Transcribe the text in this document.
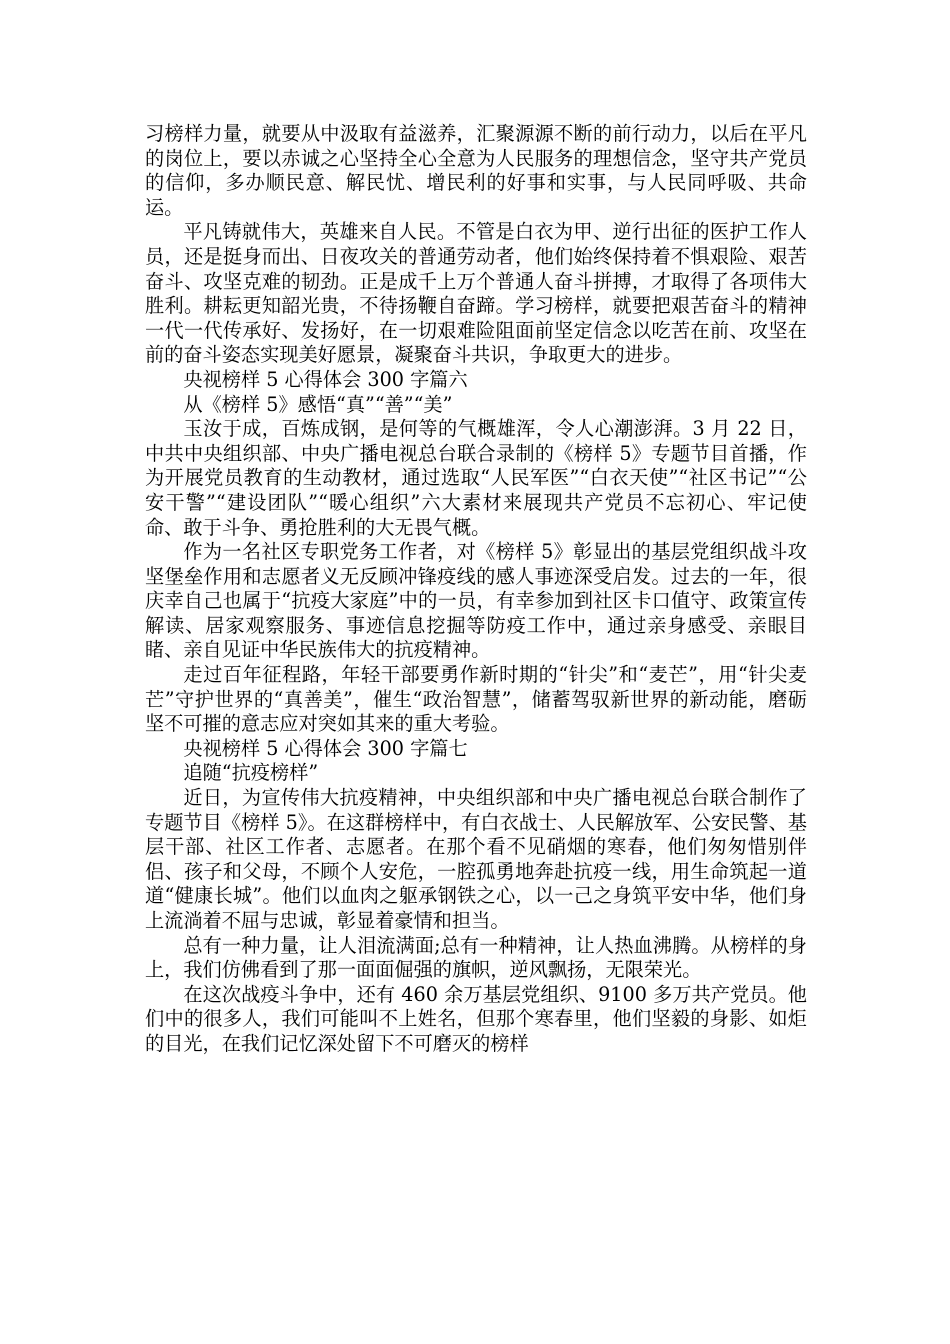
习榜样力量，就要从中汲取有益滋养，汇聚源源不断的前行动力，以后在平凡的岗位上，要以赤诚之心坚持全心全意为人民服务的理想信念，坚守共产党员的信仰，多办顺民意、解民忧、增民利的好事和实事，与人民同呼吸、共命运。

平凡铸就伟大，英雄来自人民。不管是白衣为甲、逆行出征的医护工作人员，还是挺身而出、日夜攻关的普通劳动者，他们始终保持着不惧艰险、艰苦奋斗、攻坚克难的韧劲。正是成千上万个普通人奋斗拼搏，才取得了各项伟大胜利。耕耘更知韶光贵，不待扬鞭自奋蹄。学习榜样，就要把艰苦奋斗的精神一代一代传承好、发扬好，在一切艰难险阻面前坚定信念以吃苦在前、攻坚在前的奋斗姿态实现美好愿景，凝聚奋斗共识，争取更大的进步。

央视榜样 5 心得体会 300 字篇六

从《榜样 5》感悟“真”“善”“美”

玉汝于成，百炼成钢，是何等的气概雄浑，令人心潮澎湃。3 月 22 日，中共中央组织部、中央广播电视总台联合录制的《榜样 5》专题节目首播，作为开展党员教育的生动教材，通过选取“人民军医”“白衣天使”“社区书记”“公安干警”“建设团队”“暖心组织”六大素材来展现共产党员不忘初心、牢记使命、敢于斗争、勇抢胜利的大无畏气概。

作为一名社区专职党务工作者，对《榜样 5》彰显出的基层党组织战斗攻坚堡垒作用和志愿者义无反顾冲锋疫线的感人事迹深受启发。过去的一年，很庆幸自己也属于“抗疫大家庭”中的一员，有幸参加到社区卡口值守、政策宣传解读、居家观察服务、事迹信息挖掘等防疫工作中，通过亲身感受、亲眼目睹、亲自见证中华民族伟大的抗疫精神。

走过百年征程路，年轻干部要勇作新时期的“针尖”和“麦芒”，用“针尖麦芒”守护世界的“真善美”，催生“政治智慧”，储蓄驾驭新世界的新动能，磨砺坚不可摧的意志应对突如其来的重大考验。

央视榜样 5 心得体会 300 字篇七

追随“抗疫榜样”

近日，为宣传伟大抗疫精神，中央组织部和中央广播电视总台联合制作了专题节目《榜样 5》。在这群榜样中，有白衣战士、人民解放军、公安民警、基层干部、社区工作者、志愿者。在那个看不见硝烟的寒春，他们匆匆惜别伴侣、孩子和父母，不顾个人安危，一腔孤勇地奔赴抗疫一线，用生命筑起一道道“健康长城”。他们以血肉之躯承钢铁之心，以一己之身筑平安中华，他们身上流淌着不屈与忠诚，彰显着豪情和担当。

总有一种力量，让人泪流满面;总有一种精神，让人热血沸腾。从榜样的身上，我们仿佛看到了那一面面倔强的旗帜，逆风飘扬，无限荣光。

在这次战疫斗争中，还有 460 余万基层党组织、9100 多万共产党员。他们中的很多人，我们可能叫不上姓名，但那个寒春里，他们坚毅的身影、如炬的目光，在我们记忆深处留下不可磨灭的榜样
